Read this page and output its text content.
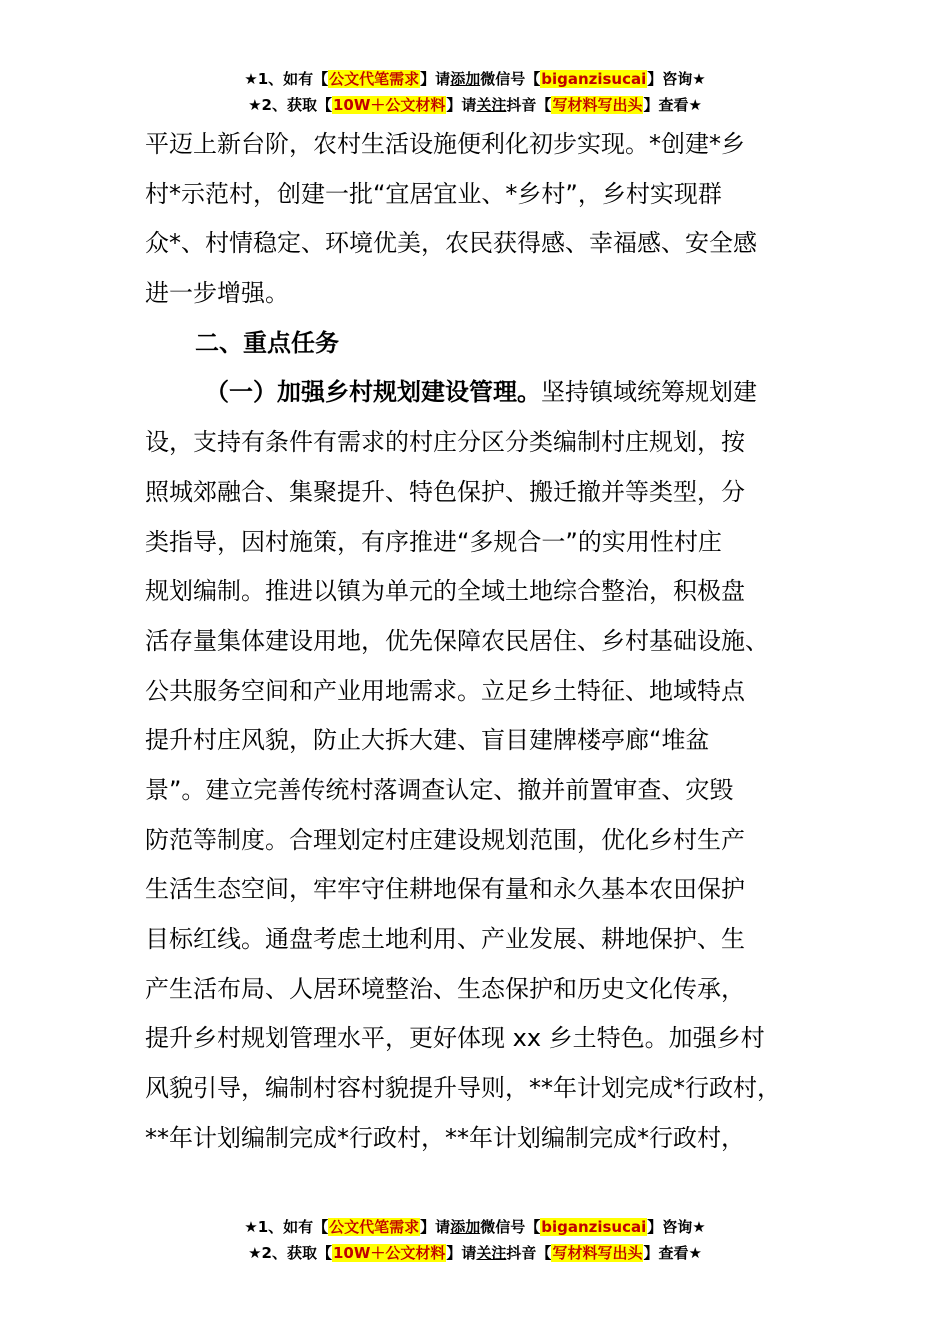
★1、如有【公文代笔需求】请添加微信号【biganzisucai】咨询★
★2、获取【10W＋公文材料】请关注抖音【写材料写出头】查看★
平迈上新台阶，农村生活设施便利化初步实现。*创建*乡
村*示范村，创建一批“宜居宜业、*乡村”，乡村实现群
众*、村情稳定、环境优美，农民获得感、幸福感、安全感
进一步增强。
二、重点任务
（一）加强乡村规划建设管理。坚持镇域统筹规划建
设，支持有条件有需求的村庄分区分类编制村庄规划，按
照城郊融合、集聚提升、特色保护、搬迁撤并等类型，分
类指导，因村施策，有序推进“多规合一”的实用性村庄
规划编制。推进以镇为单元的全域土地综合整治，积极盘
活存量集体建设用地，优先保障农民居住、乡村基础设施、
公共服务空间和产业用地需求。立足乡土特征、地域特点
提升村庄风貌，防止大拆大建、盲目建牌楼亭廊“堆盆
景”。建立完善传统村落调查认定、撤并前置审查、灾毁
防范等制度。合理划定村庄建设规划范围，优化乡村生产
生活生态空间，牢牢守住耕地保有量和永久基本农田保护
目标红线。通盘考虑土地利用、产业发展、耕地保护、生
产生活布局、人居环境整治、生态保护和历史文化传承，
提升乡村规划管理水平，更好体现 xx 乡土特色。加强乡村
风貌引导，编制村容村貌提升导则，**年计划完成*行政村，
**年计划编制完成*行政村，**年计划编制完成*行政村，
★1、如有【公文代笔需求】请添加微信号【biganzisucai】咨询★
★2、获取【10W＋公文材料】请关注抖音【写材料写出头】查看★
